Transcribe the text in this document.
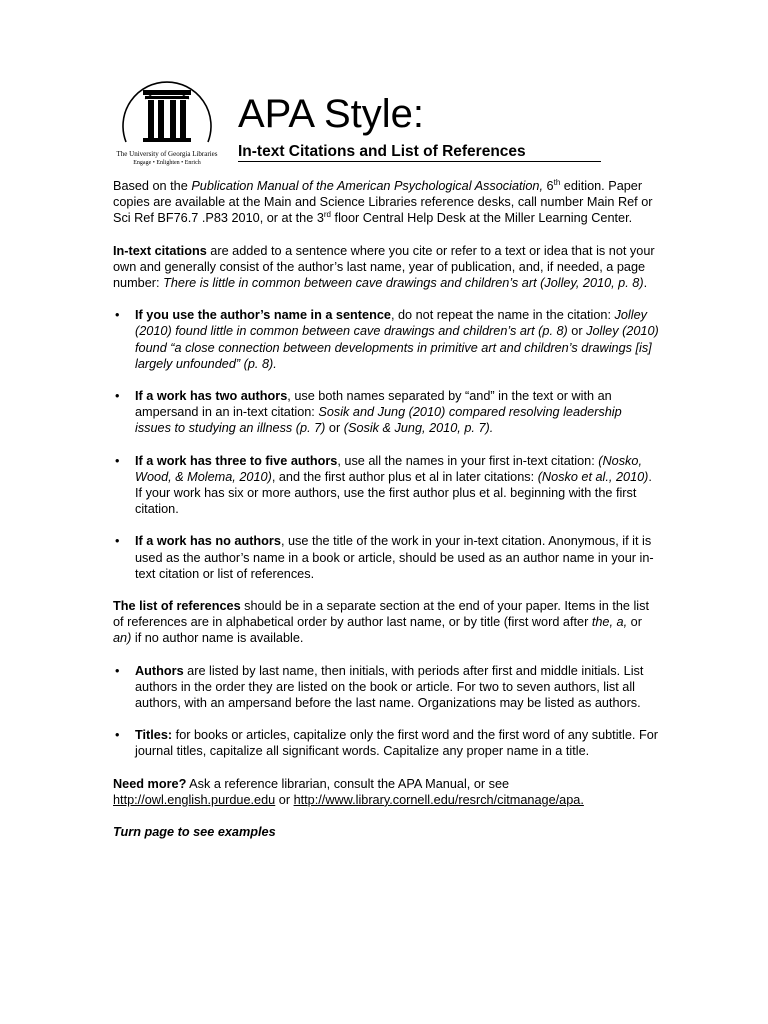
The University of Georgia Libraries
Engage • Enlighten • Enrich
APA Style:
In-text Citations and List of References

Based on the Publication Manual of the American Psychological Association, 6th edition. Paper copies are available at the Main and Science Libraries reference desks, call number Main Ref or Sci Ref BF76.7 .P83 2010, or at the 3rd floor Central Help Desk at the Miller Learning Center.

In-text citations are added to a sentence where you cite or refer to a text or idea that is not your own and generally consist of the author’s last name, year of publication, and, if needed, a page number: There is little in common between cave drawings and children’s art (Jolley, 2010, p. 8).

• If you use the author’s name in a sentence, do not repeat the name in the citation: Jolley (2010) found little in common between cave drawings and children’s art (p. 8) or Jolley (2010) found “a close connection between developments in primitive art and children’s drawings [is] largely unfounded” (p. 8).
• If a work has two authors, use both names separated by “and” in the text or with an ampersand in an in-text citation: Sosik and Jung (2010) compared resolving leadership issues to studying an illness (p. 7) or (Sosik & Jung, 2010, p. 7).
• If a work has three to five authors, use all the names in your first in-text citation: (Nosko, Wood, & Molema, 2010), and the first author plus et al in later citations: (Nosko et al., 2010). If your work has six or more authors, use the first author plus et al. beginning with the first citation.
• If a work has no authors, use the title of the work in your in-text citation. Anonymous, if it is used as the author’s name in a book or article, should be used as an author name in your in-text citation or list of references.

The list of references should be in a separate section at the end of your paper. Items in the list of references are in alphabetical order by author last name, or by title (first word after the, a, or an) if no author name is available.

• Authors are listed by last name, then initials, with periods after first and middle initials. List authors in the order they are listed on the book or article. For two to seven authors, list all authors, with an ampersand before the last name. Organizations may be listed as authors.
• Titles: for books or articles, capitalize only the first word and the first word of any subtitle. For journal titles, capitalize all significant words. Capitalize any proper name in a title.

Need more? Ask a reference librarian, consult the APA Manual, or see http://owl.english.purdue.edu or http://www.library.cornell.edu/resrch/citmanage/apa.

Turn page to see examples
